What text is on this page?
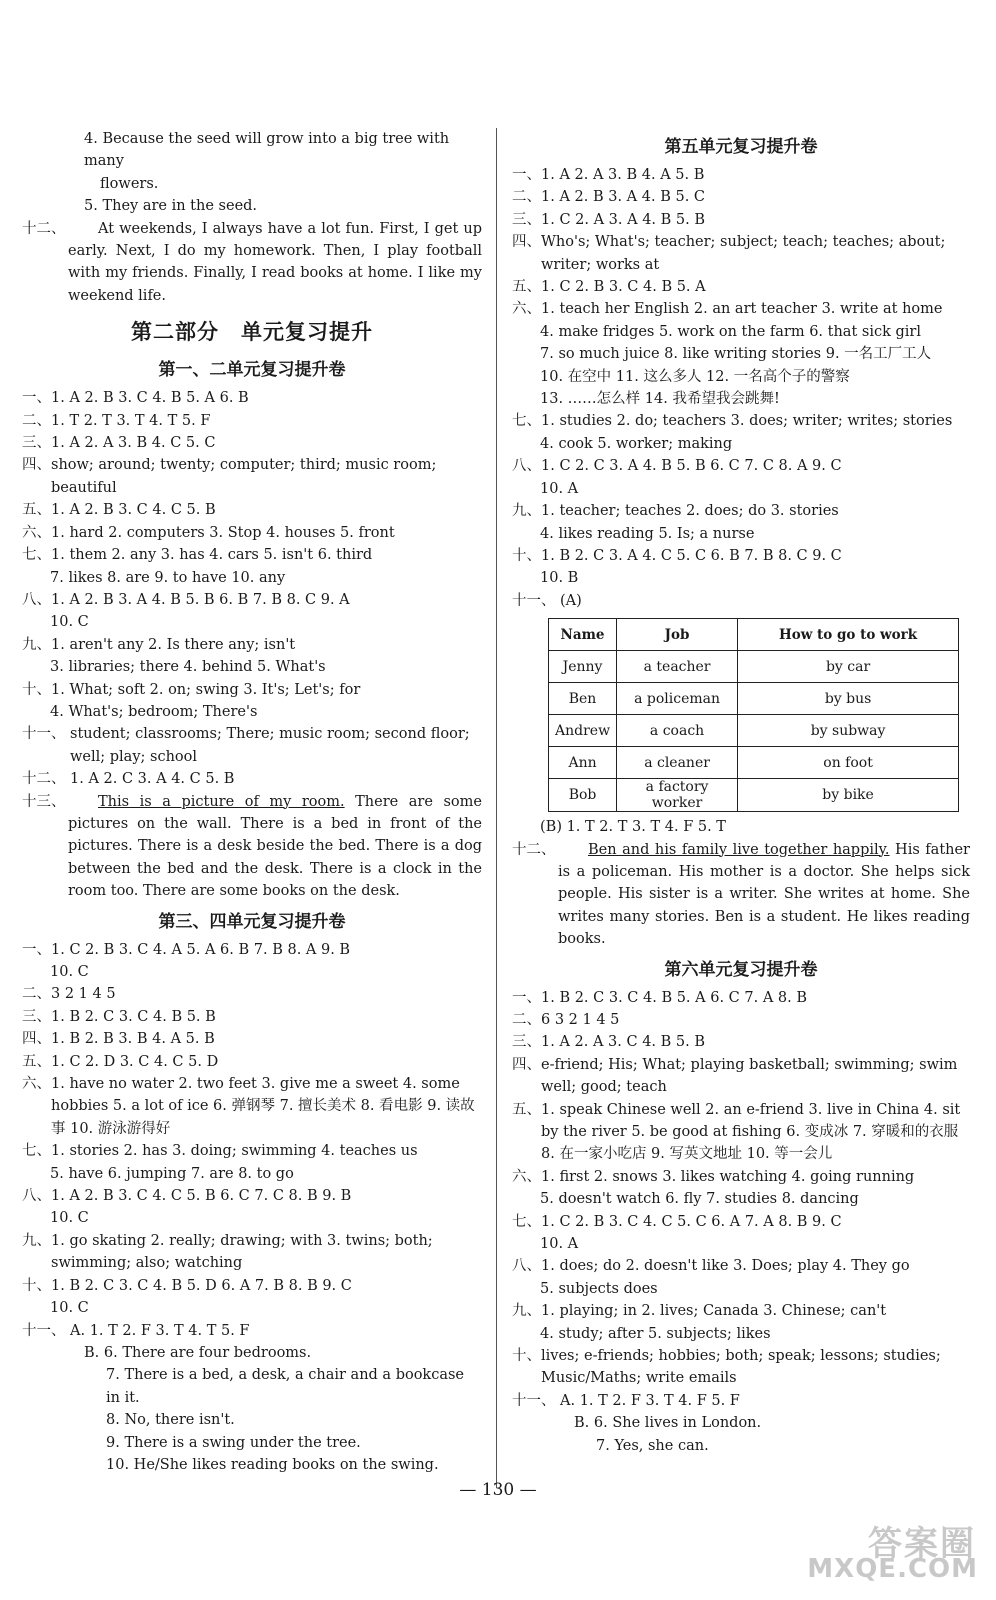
4. Because the seed will grow into a big tree with many
flowers.
5. They are in the seed.
十二、	At weekends, I always have a lot fun. First, I get up early. Next, I do my homework. Then, I play football with my friends. Finally, I read books at home. I like my weekend life.
第二部分　单元复习提升
第一、二单元复习提升卷
一、 1. A 2. B 3. C 4. B 5. A 6. B
二、 1. T 2. T 3. T 4. T 5. F
三、 1. A 2. A 3. B 4. C 5. C
四、 show; around; twenty; computer; third; music room; beautiful
五、 1. A 2. B 3. C 4. C 5. B
六、 1. hard 2. computers 3. Stop 4. houses 5. front
七、 1. them 2. any 3. has 4. cars 5. isn't 6. third
7. likes 8. are 9. to have 10. any
八、 1. A 2. B 3. A 4. B 5. B 6. B 7. B 8. C 9. A
10. C
九、 1. aren't any 2. Is there any; isn't
3. libraries; there 4. behind 5. What's
十、 1. What; soft 2. on; swing 3. It's; Let's; for
4. What's; bedroom; There's
十一、 student; classrooms; There; music room; second floor; well; play; school
十二、 1. A 2. C 3. A 4. C 5. B
十三、	This is a picture of my room. There are some pictures on the wall. There is a bed in front of the pictures. There is a desk beside the bed. There is a dog between the bed and the desk. There is a clock in the room too. There are some books on the desk.
第三、四单元复习提升卷
一、 1. C 2. B 3. C 4. A 5. A 6. B 7. B 8. A 9. B
10. C
二、 3 2 1 4 5
三、 1. B 2. C 3. C 4. B 5. B
四、 1. B 2. B 3. B 4. A 5. B
五、 1. C 2. D 3. C 4. C 5. D
六、 1. have no water 2. two feet 3. give me a sweet 4. some hobbies 5. a lot of ice 6. 弹钢琴 7. 擅长美术 8. 看电影 9. 读故事 10. 游泳游得好
七、 1. stories 2. has 3. doing; swimming 4. teaches us
5. have 6. jumping 7. are 8. to go
八、 1. A 2. B 3. C 4. C 5. B 6. C 7. C 8. B 9. B
10. C
九、 1. go skating 2. really; drawing; with 3. twins; both; swimming; also; watching
十、 1. B 2. C 3. C 4. B 5. D 6. A 7. B 8. B 9. C
10. C
十一、 A. 1. T 2. F 3. T 4. T 5. F
B. 6. There are four bedrooms.
7. There is a bed, a desk, a chair and a bookcase in it.
8. No, there isn't.
9. There is a swing under the tree.
10. He/She likes reading books on the swing.
第五单元复习提升卷
一、 1. A 2. A 3. B 4. A 5. B
二、 1. A 2. B 3. A 4. B 5. C
三、 1. C 2. A 3. A 4. B 5. B
四、 Who's; What's; teacher; subject; teach; teaches; about; writer; works at
五、 1. C 2. B 3. C 4. B 5. A
六、 1. teach her English 2. an art teacher 3. write at home
4. make fridges 5. work on the farm 6. that sick girl
7. so much juice 8. like writing stories 9. 一名工厂工人
10. 在空中 11. 这么多人 12. 一名高个子的警察
13. ……怎么样 14. 我希望我会跳舞!
七、 1. studies 2. do; teachers 3. does; writer; writes; stories
4. cook 5. worker; making
八、 1. C 2. C 3. A 4. B 5. B 6. C 7. C 8. A 9. C
10. A
九、 1. teacher; teaches 2. does; do 3. stories
4. likes reading 5. Is; a nurse
十、 1. B 2. C 3. A 4. C 5. C 6. B 7. B 8. C 9. C
10. B
十一、 (A)
Name	Job	How to go to work
Jenny	a teacher	by car
Ben	a policeman	by bus
Andrew	a coach	by subway
Ann	a cleaner	on foot
Bob	a factory worker	by bike
(B) 1. T 2. T 3. T 4. F 5. T
十二、	Ben and his family live together happily. His father is a policeman. His mother is a doctor. She helps sick people. His sister is a writer. She writes at home. She writes many stories. Ben is a student. He likes reading books.
第六单元复习提升卷
一、 1. B 2. C 3. C 4. B 5. A 6. C 7. A 8. B
二、 6 3 2 1 4 5
三、 1. A 2. A 3. C 4. B 5. B
四、 e-friend; His; What; playing basketball; swimming; swim well; good; teach
五、 1. speak Chinese well 2. an e-friend 3. live in China 4. sit by the river 5. be good at fishing 6. 变成冰 7. 穿暖和的衣服 8. 在一家小吃店 9. 写英文地址 10. 等一会儿
六、 1. first 2. snows 3. likes watching 4. going running
5. doesn't watch 6. fly 7. studies 8. dancing
七、 1. C 2. B 3. C 4. C 5. C 6. A 7. A 8. B 9. C
10. A
八、 1. does; do 2. doesn't like 3. Does; play 4. They go
5. subjects does
九、 1. playing; in 2. lives; Canada 3. Chinese; can't
4. study; after 5. subjects; likes
十、 lives; e-friends; hobbies; both; speak; lessons; studies; Music/Maths; write emails
十一、 A. 1. T 2. F 3. T 4. F 5. F
B. 6. She lives in London.
7. Yes, she can.
— 130 —
答案圈
MXQE.COM
